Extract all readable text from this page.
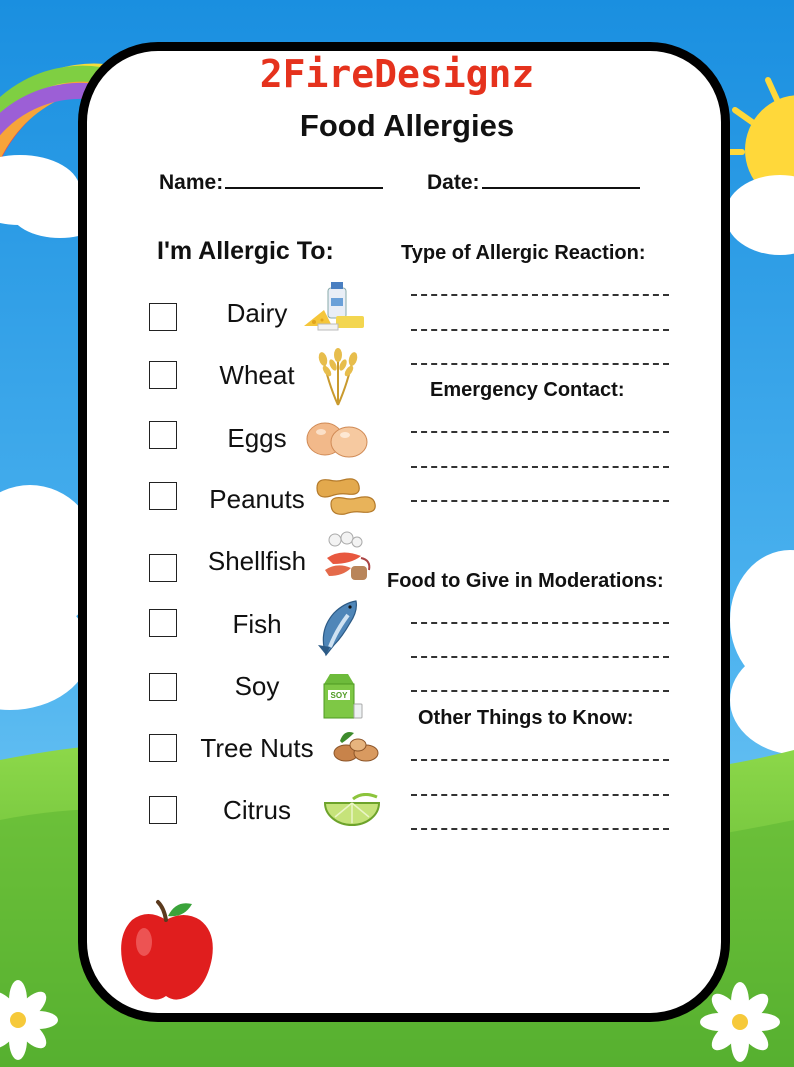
2FireDesignz
Food Allergies
Name:	Date:
I'm Allergic To:
Dairy
Wheat
Eggs
Peanuts
Shellfish
Fish
Soy	SOY
Tree Nuts
Citrus
Type of Allergic Reaction:
Emergency Contact:
Food to Give in Moderations:
Other Things to Know:
